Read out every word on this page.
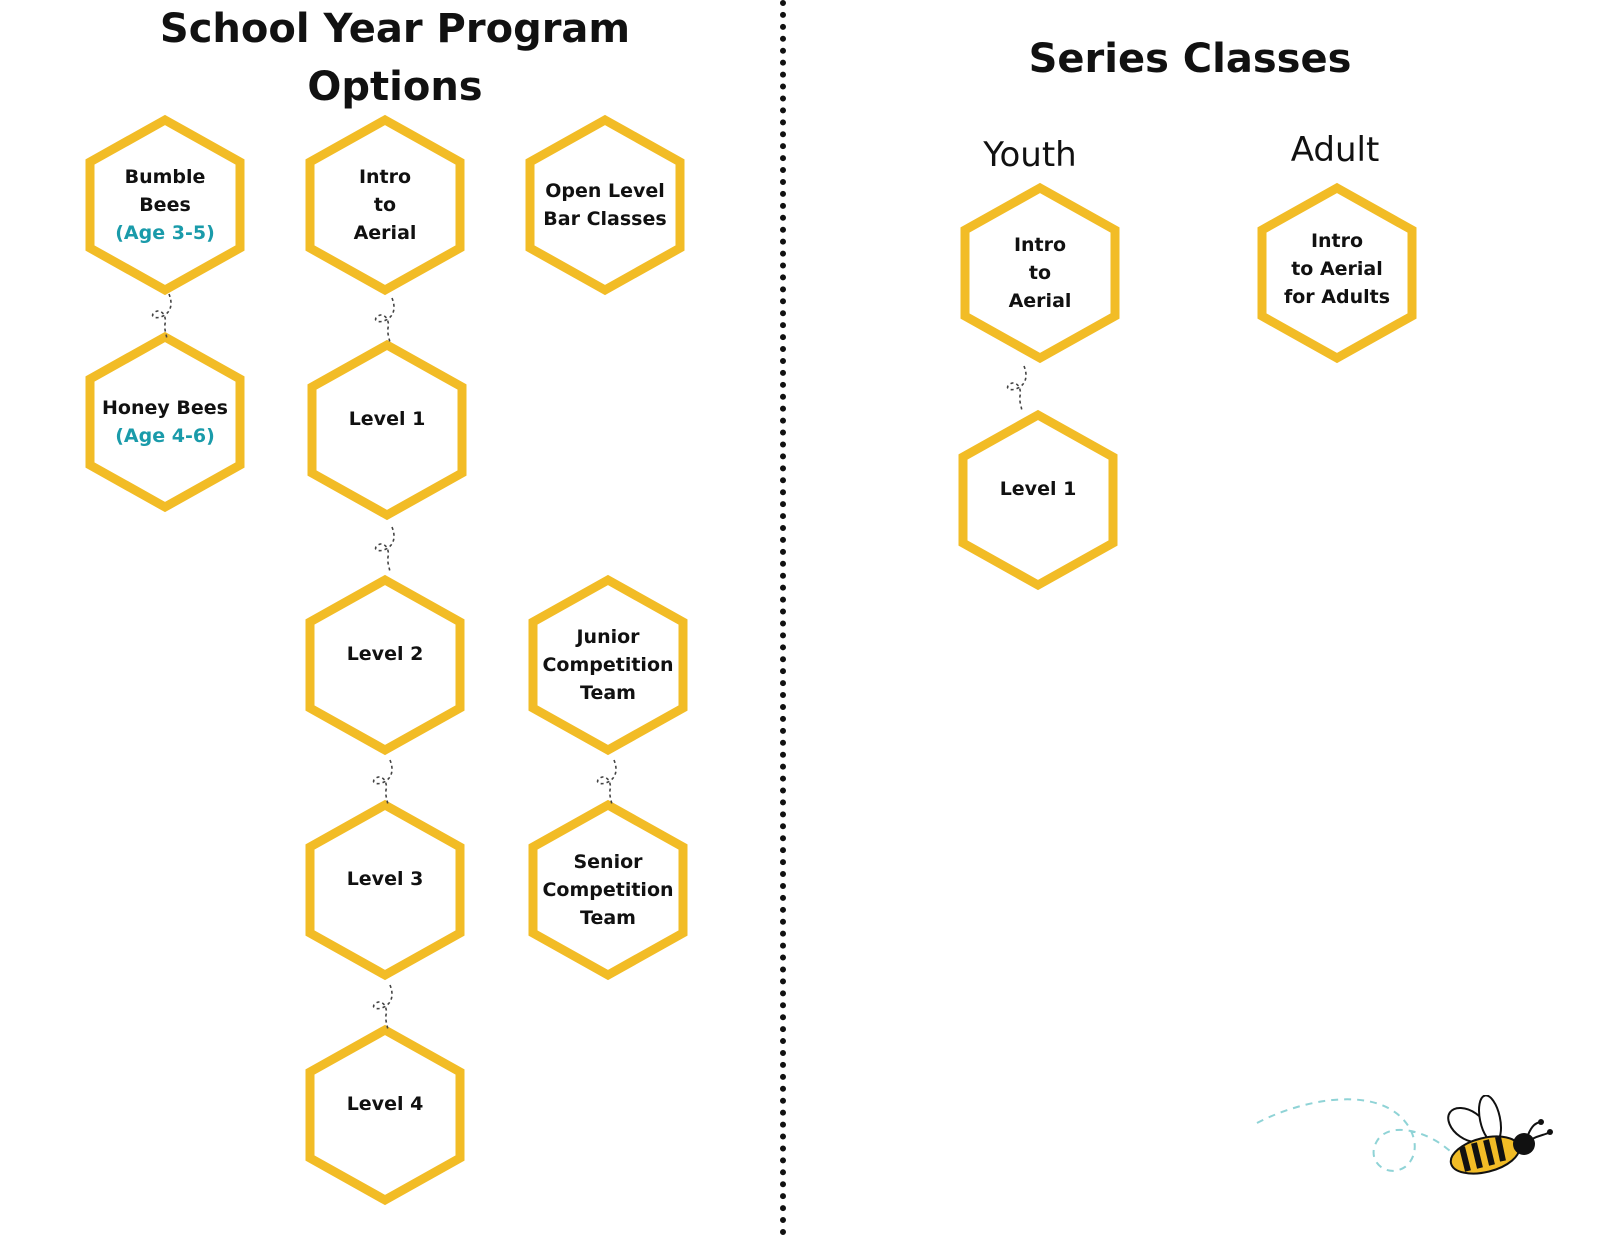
School Year Program
Options
Series Classes
Youth	Adult
Bumble Bees
(Age 3-5)
Honey Bees
(Age 4-6)
Intro
to
Aerial
Level 1
Level 2
Level 3
Level 4
Open Level
Bar Classes
Junior
Competition
Team
Senior
Competition
Team
Intro
to
Aerial
Level 1
Intro
to Aerial
for Adults
